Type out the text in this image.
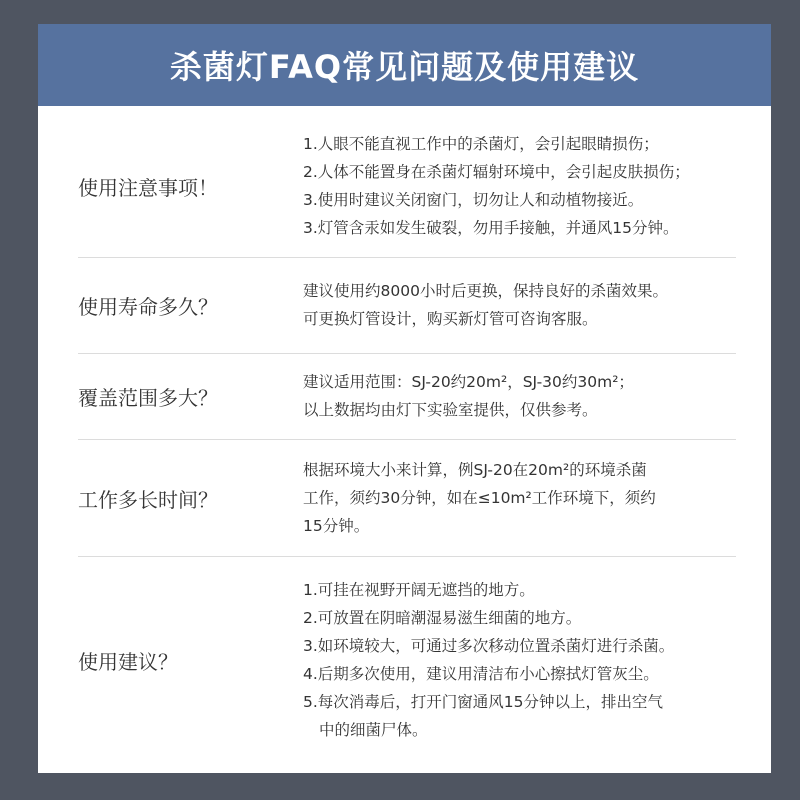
杀菌灯FAQ常见问题及使用建议
使用注意事项！
1.人眼不能直视工作中的杀菌灯，会引起眼睛损伤；
2.人体不能置身在杀菌灯辐射环境中，会引起皮肤损伤；
3.使用时建议关闭窗门，切勿让人和动植物接近。
3.灯管含汞如发生破裂，勿用手接触，并通风15分钟。
使用寿命多久？
建议使用约8000小时后更换，保持良好的杀菌效果。
可更换灯管设计，购买新灯管可咨询客服。
覆盖范围多大？
建议适用范围：SJ-20约20m²，SJ-30约30m²；
以上数据均由灯下实验室提供，仅供参考。
工作多长时间？
根据环境大小来计算，例SJ-20在20m²的环境杀菌
工作，须约30分钟，如在≤10m²工作环境下，须约
15分钟。
使用建议？
1.可挂在视野开阔无遮挡的地方。
2.可放置在阴暗潮湿易滋生细菌的地方。
3.如环境较大，可通过多次移动位置杀菌灯进行杀菌。
4.后期多次使用，建议用清洁布小心擦拭灯管灰尘。
5.每次消毒后，打开门窗通风15分钟以上，排出空气
中的细菌尸体。
